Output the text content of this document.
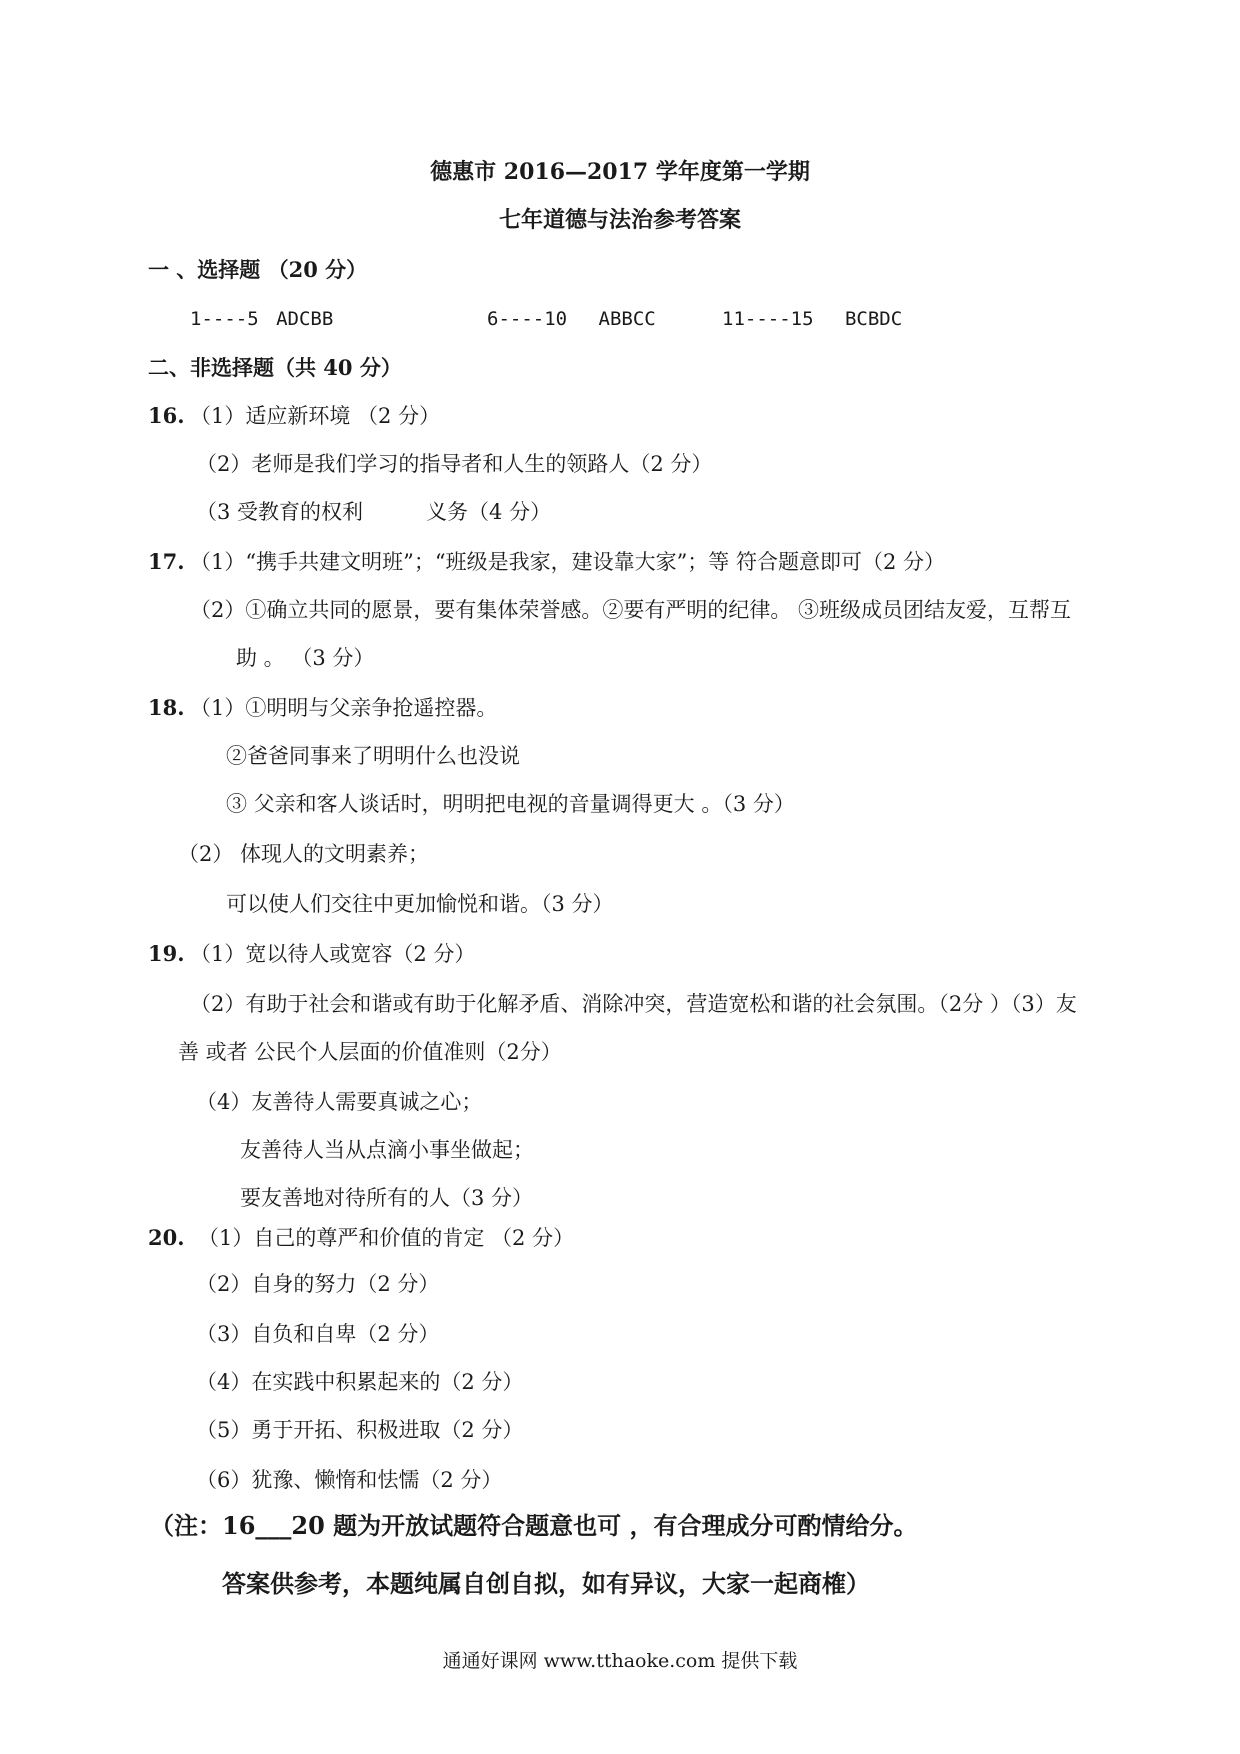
德惠市 2016—2017 学年度第一学期
七年道德与法治参考答案
一 、选择题 （20 分）
1----5 ADCBB	6----10 ABBCC	11----15 BCBDC
二、非选择题（共 40 分）
16. （1）适应新环境 （2 分）
（2）老师是我们学习的指导者和人生的领路人（2 分）
（3 受教育的权利　　　义务（4 分）
17. （1）“携手共建文明班”；“班级是我家，建设靠大家”；等 符合题意即可（2 分）
（2）①确立共同的愿景，要有集体荣誉感。②要有严明的纪律。 ③班级成员团结友爱，互帮互
助 。 （3 分）
18. （1）①明明与父亲争抢遥控器。
②爸爸同事来了明明什么也没说
③ 父亲和客人谈话时，明明把电视的音量调得更大 。（3 分）
（2） 体现人的文明素养；
可以使人们交往中更加愉悦和谐。（3 分）
19. （1）宽以待人或宽容（2 分）
（2）有助于社会和谐或有助于化解矛盾、消除冲突，营造宽松和谐的社会氛围。（2分 ）（3）友
善 或者 公民个人层面的价值准则（2分）
（4）友善待人需要真诚之心；
友善待人当从点滴小事坐做起；
要友善地对待所有的人（3 分）
20. （1）自己的尊严和价值的肯定 （2 分）
（2）自身的努力（2 分）
（3）自负和自卑（2 分）
（4）在实践中积累起来的（2 分）
（5）勇于开拓、积极进取（2 分）
（6）犹豫、懒惰和怯懦（2 分）
（注：16___20 题为开放试题符合题意也可 ，有合理成分可酌情给分。
答案供参考，本题纯属自创自拟，如有异议，大家一起商榷）
通通好课网 www.tthaoke.com 提供下载
